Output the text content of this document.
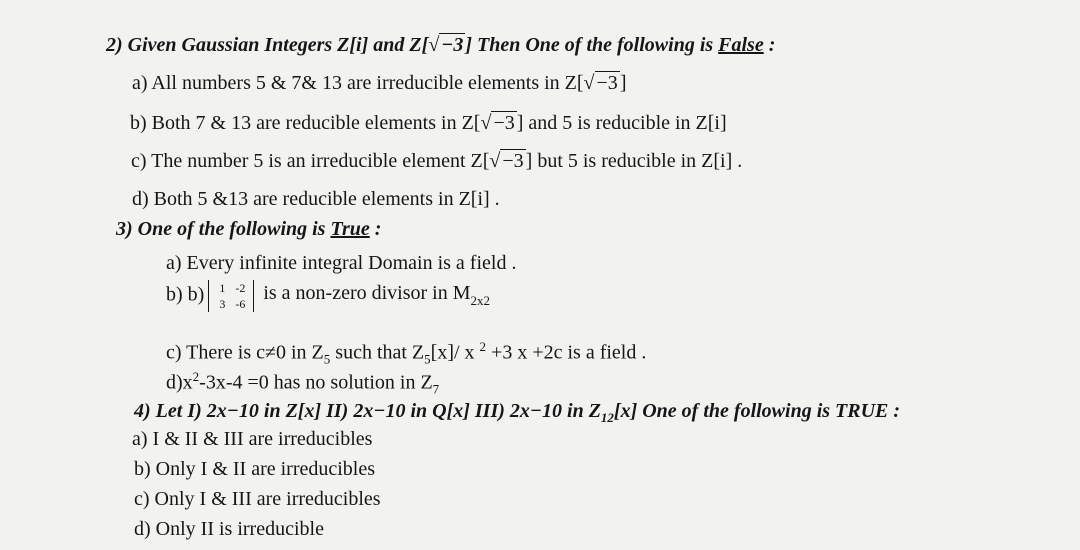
2) Given Gaussian Integers Z[i] and Z[√ −3 ] Then One of the following is False :
a) All numbers 5 & 7& 13 are irreducible elements in Z[√ −3 ]
b) Both 7 & 13 are reducible elements in Z[√ −3 ] and 5 is reducible in Z[i]
c) The number 5 is an irreducible element Z[√ −3 ] but 5 is reducible in Z[i] .
d) Both 5 &13 are reducible elements in Z[i] .
3) One of the following is True :
a) Every infinite integral Domain is a field .
b) b)	1 -2
3 -6 is a non-zero divisor in $M_{2x2}$
c) There is c≠0 in $Z_5$ such that $Z_5[x]/$ x $^2$ +3 x +2c is a field .
$d)x^2-3x-4 =0$ has no solution in $Z_7$
4) Let I) 2x−10 in Z[x] II) 2x−10 in Q[x] III) 2x−10 in $Z_{12}[x]$ One of the following is TRUE :
a) I & II & III are irreducibles
b) Only I & II are irreducibles
c) Only I & III are irreducibles
d) Only II is irreducible
